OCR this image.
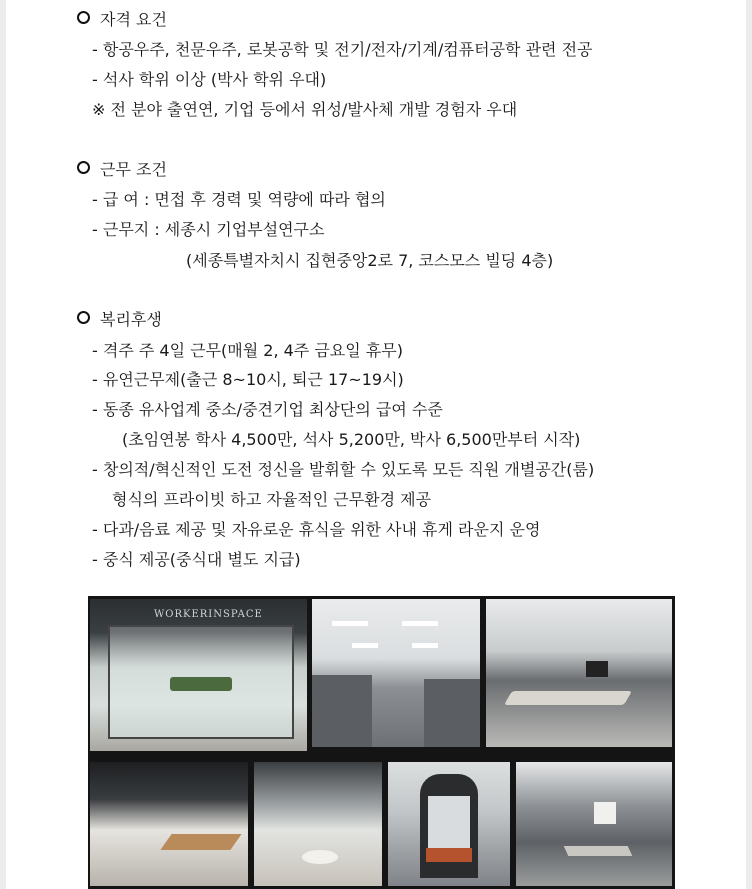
자격 요건
- 항공우주, 천문우주, 로봇공학 및 전기/전자/기계/컴퓨터공학 관련 전공
- 석사 학위 이상 (박사 학위 우대)
※ 전 분야 출연연, 기업 등에서 위성/발사체 개발 경험자 우대
근무 조건
- 급 여 : 면접 후 경력 및 역량에 따라 협의
- 근무지 : 세종시 기업부설연구소
(세종특별자치시 집현중앙2로 7, 코스모스 빌딩 4층)
복리후생
- 격주 주 4일 근무(매월 2, 4주 금요일 휴무)
- 유연근무제(출근 8~10시, 퇴근 17~19시)
- 동종 유사업계 중소/중견기업 최상단의 급여 수준
(초임연봉 학사 4,500만, 석사 5,200만, 박사 6,500만부터 시작)
- 창의적/혁신적인 도전 정신을 발휘할 수 있도록 모든 직원 개별공간(룸)
형식의 프라이빗 하고 자율적인 근무환경 제공
- 다과/음료 제공 및 자유로운 휴식을 위한 사내 휴게 라운지 운영
- 중식 제공(중식대 별도 지급)
WORKERINSPACE
